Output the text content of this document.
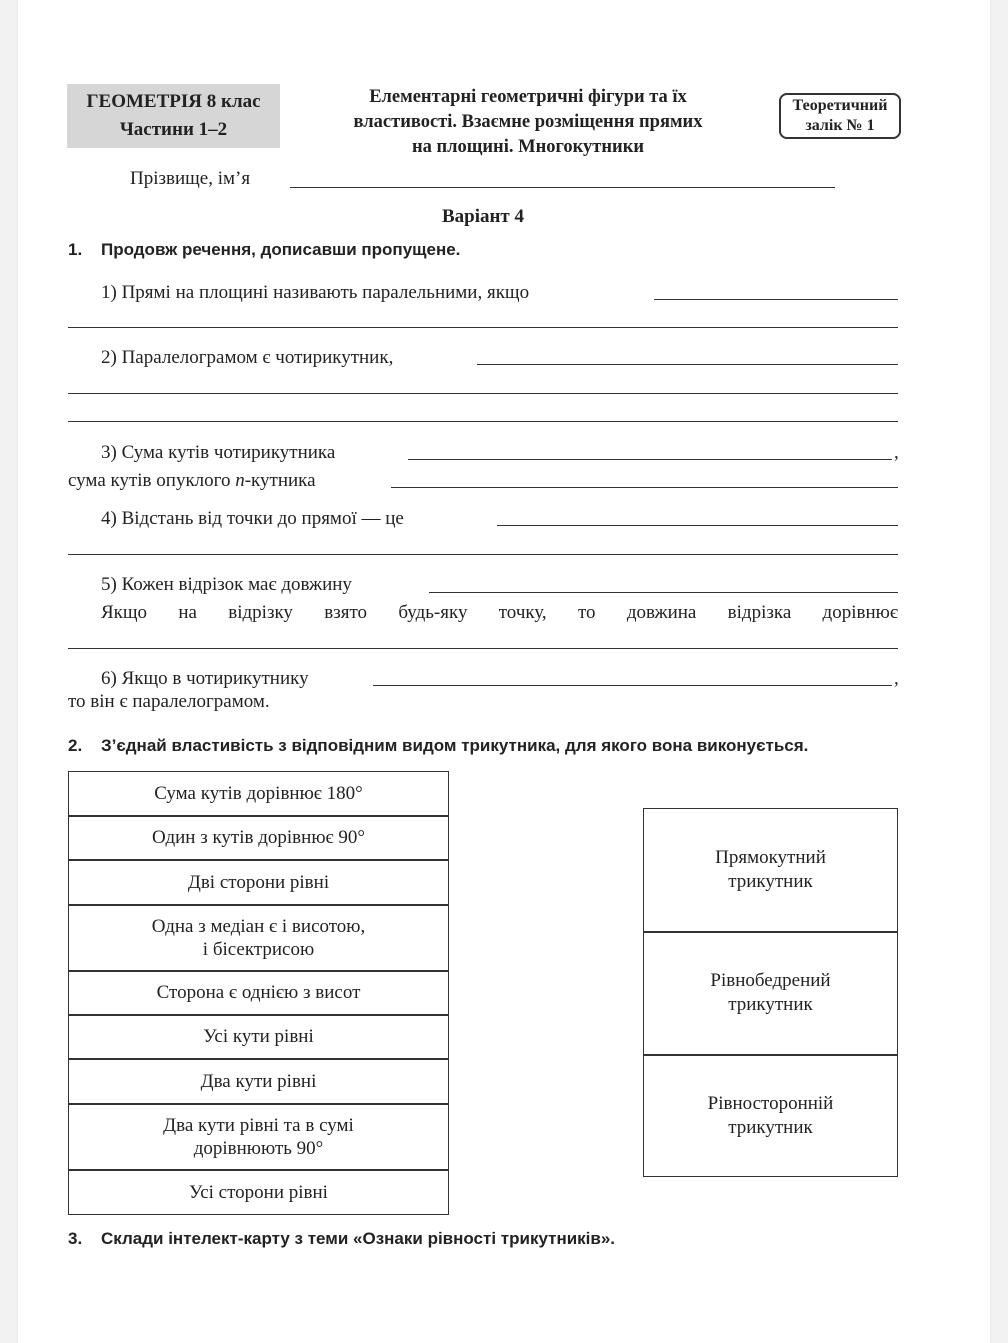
ГЕОМЕТРІЯ 8 клас
Частини 1–2
Елементарні геометричні фігури та їх
властивості. Взаємне розміщення прямих
на площині. Многокутники
Теоретичний
залік № 1
Прізвище, ім’я
Варіант 4
1. Продовж речення, дописавши пропущене.
1) Прямі на площині називають паралельними, якщо
2) Паралелограмом є чотирикутник,
3) Сума кутів чотирикутника	,
сума кутів опуклого n-кутника
4) Відстань від точки до прямої — це
5) Кожен відрізок має довжину
Якщо на відрізку взято будь-яку точку, то довжина відрізка дорівнює
6) Якщо в чотирикутнику	,
то він є паралелограмом.
2. З’єднай властивість з відповідним видом трикутника, для якого вона виконується.
Сума кутів дорівнює 180°
Один з кутів дорівнює 90°
Дві сторони рівні
Одна з медіан є і висотою,
і бісектрисою
Сторона є однією з висот
Усі кути рівні
Два кути рівні
Два кути рівні та в сумі
дорівнюють 90°
Усі сторони рівні
Прямокутний
трикутник
Рівнобедрений
трикутник
Рівносторонній
трикутник
3. Склади інтелект-карту з теми «Ознаки рівності трикутників».
